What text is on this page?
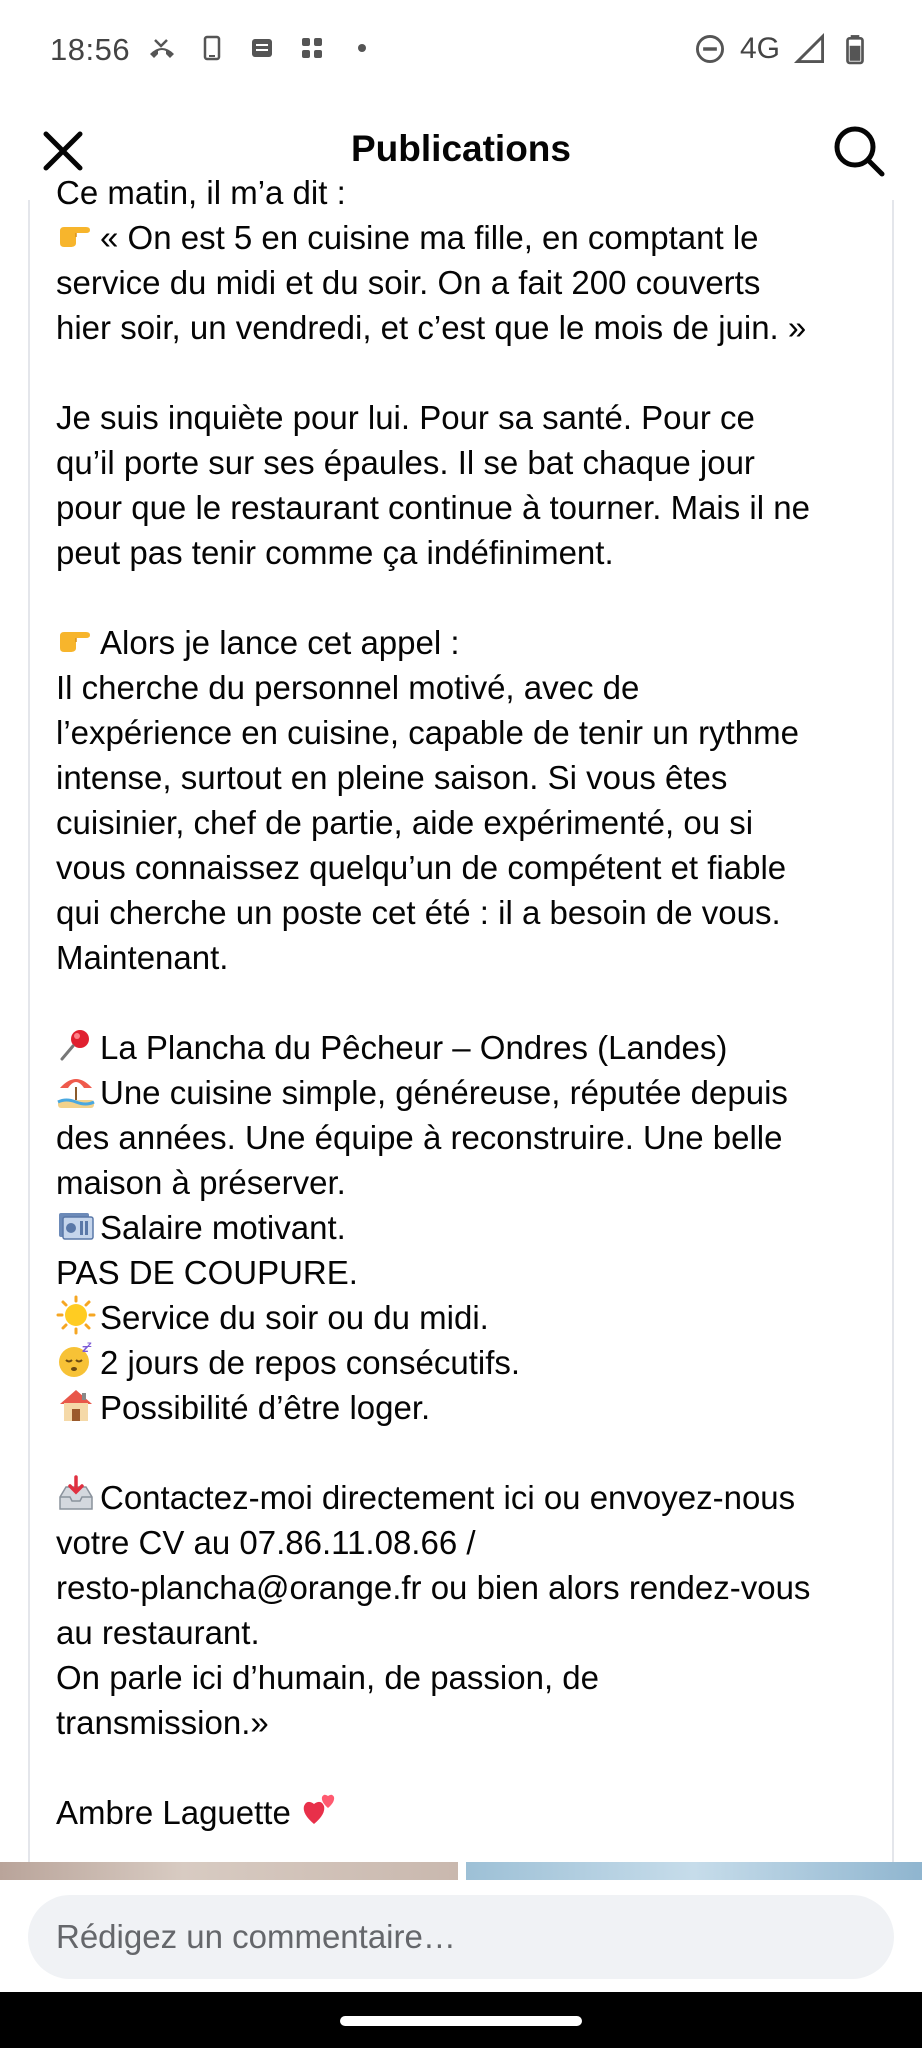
18:56	4G
Publications
Ce matin, il m’a dit :
« On est 5 en cuisine ma fille, en comptant le
service du midi et du soir. On a fait 200 couverts
hier soir, un vendredi, et c’est que le mois de juin. »
Je suis inquiète pour lui. Pour sa santé. Pour ce
qu’il porte sur ses épaules. Il se bat chaque jour
pour que le restaurant continue à tourner. Mais il ne
peut pas tenir comme ça indéfiniment.
Alors je lance cet appel :
Il cherche du personnel motivé, avec de
l’expérience en cuisine, capable de tenir un rythme
intense, surtout en pleine saison. Si vous êtes
cuisinier, chef de partie, aide expérimenté, ou si
vous connaissez quelqu’un de compétent et fiable
qui cherche un poste cet été : il a besoin de vous.
Maintenant.
La Plancha du Pêcheur – Ondres (Landes)
Une cuisine simple, généreuse, réputée depuis
des années. Une équipe à reconstruire. Une belle
maison à préserver.
Salaire motivant.
PAS DE COUPURE.
Service du soir ou du midi.
z
z 2 jours de repos consécutifs.
Possibilité d’être loger.
Contactez-moi directement ici ou envoyez-nous
votre CV au 07.86.11.08.66 /
resto-plancha@orange.fr ou bien alors rendez-vous
au restaurant.
On parle ici d’humain, de passion, de
transmission.»
Ambre Laguette
Rédigez un commentaire…
